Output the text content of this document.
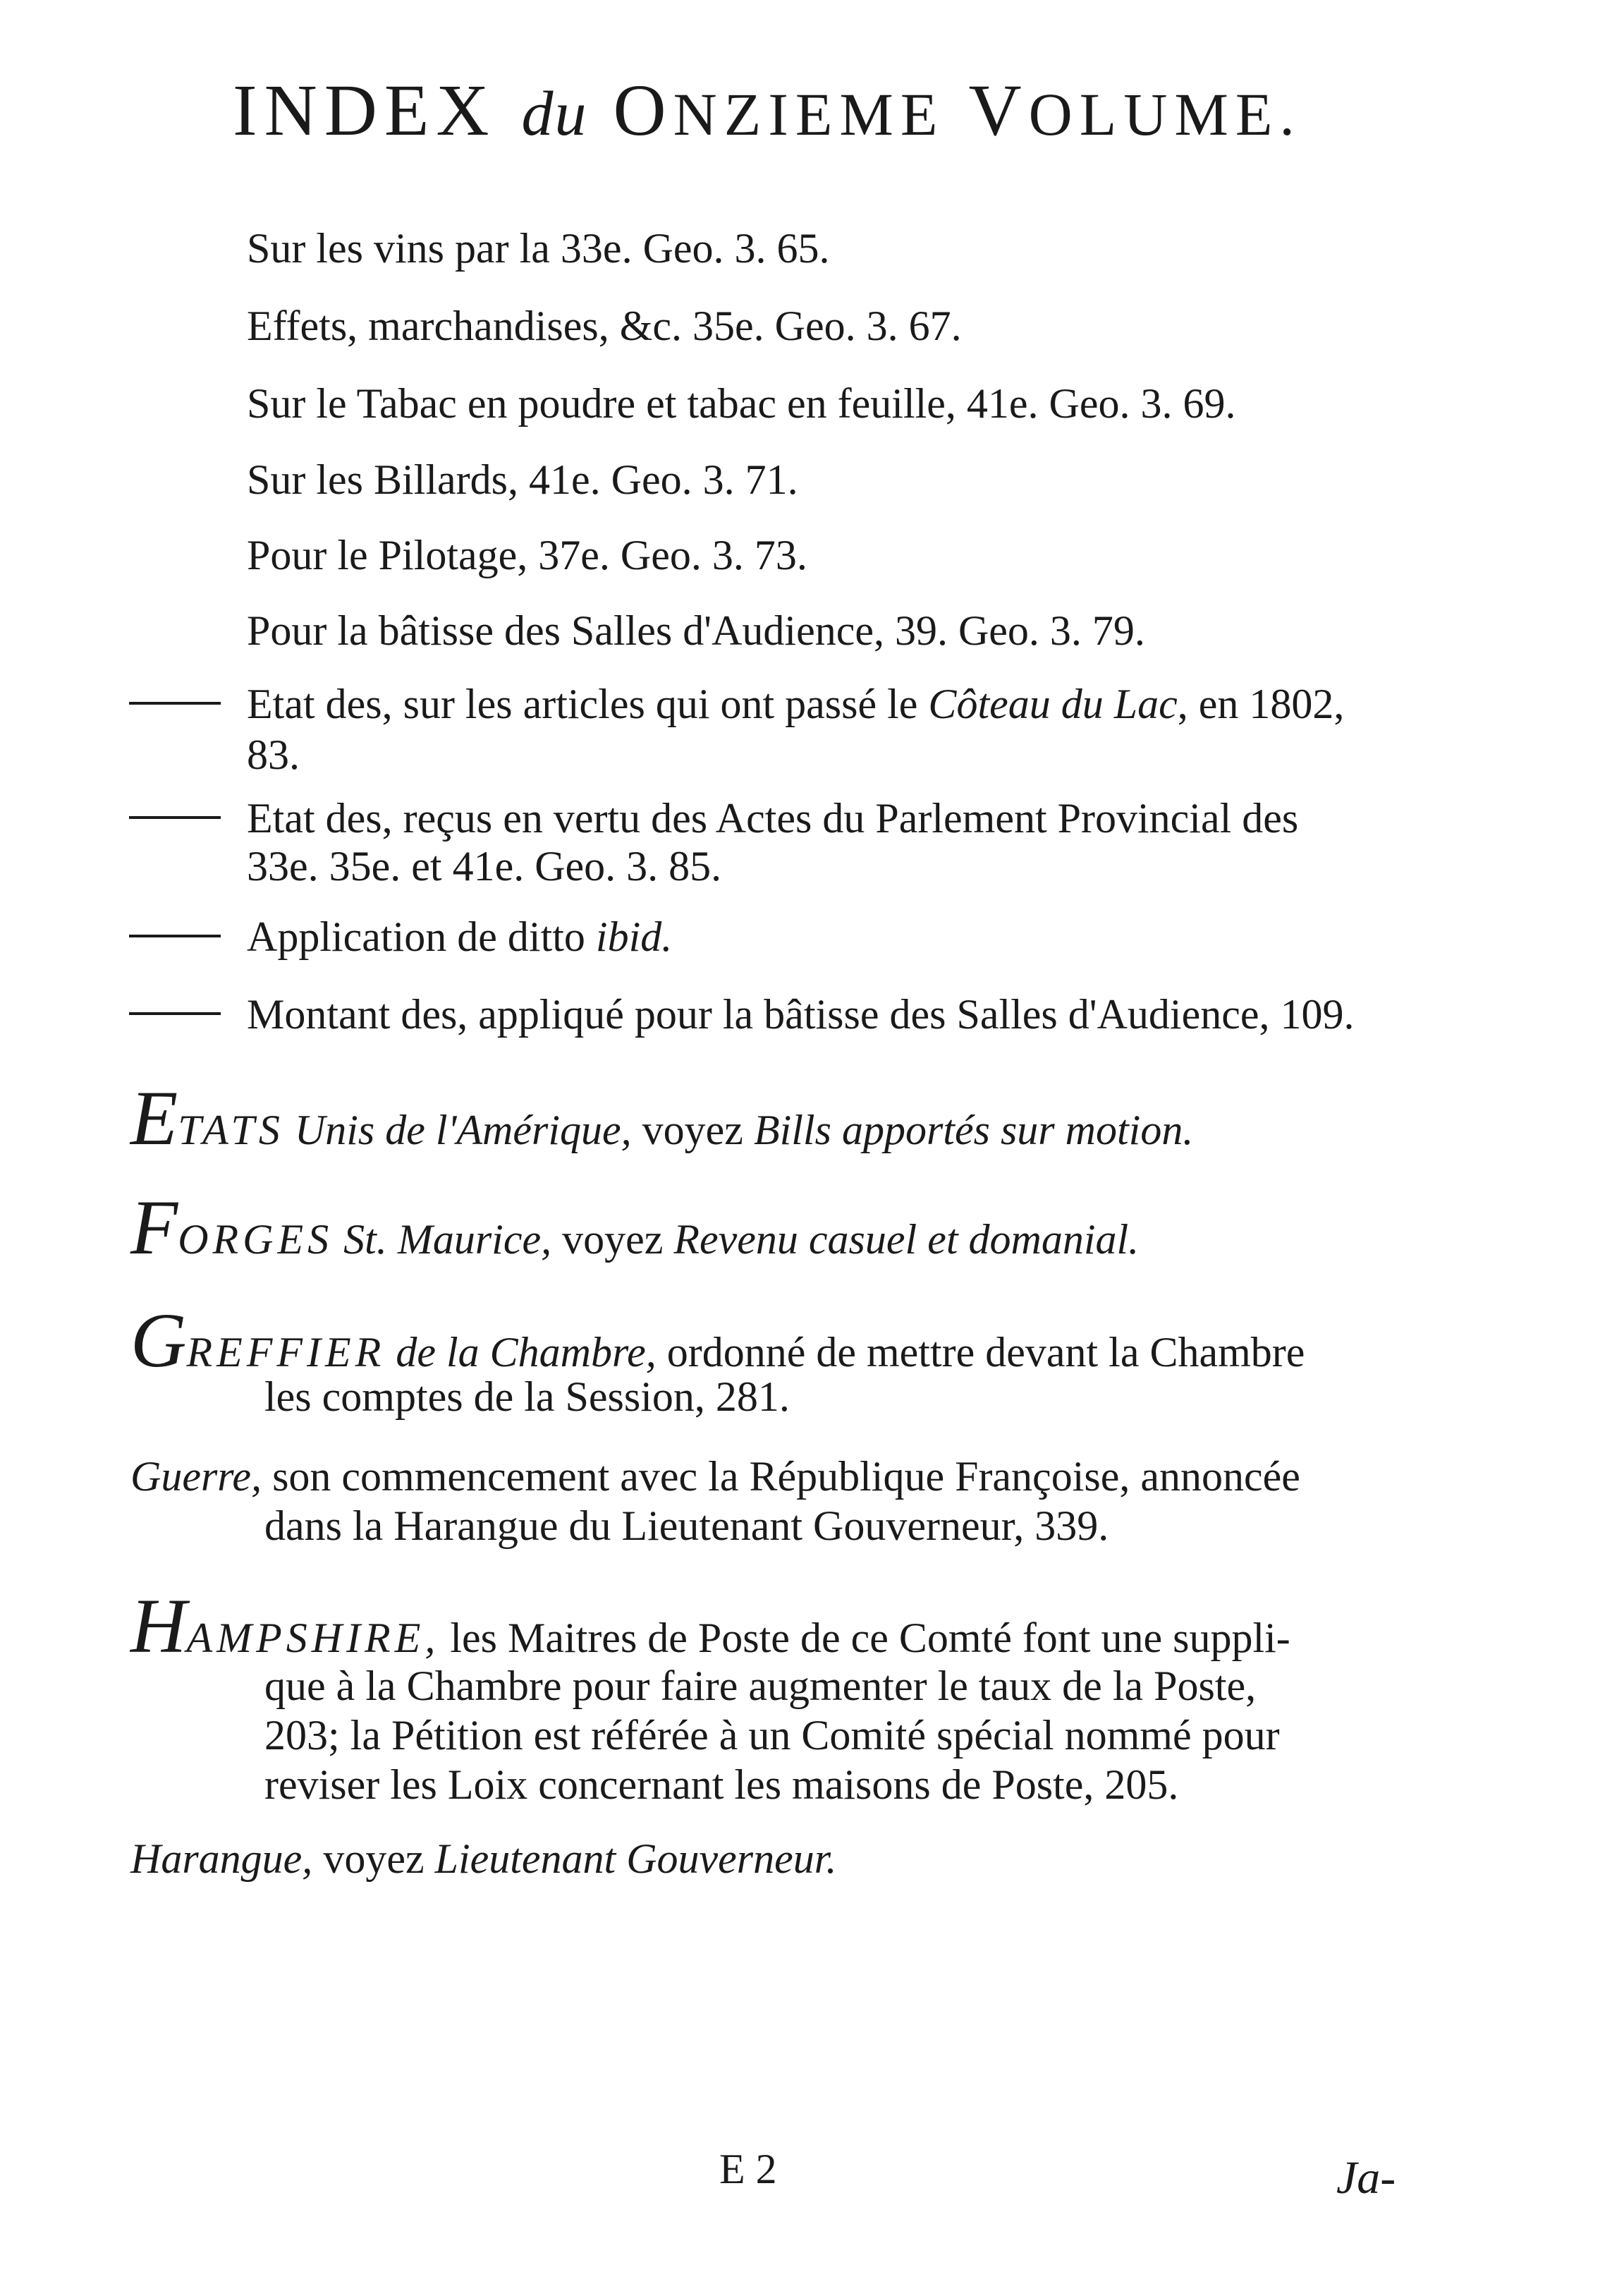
INDEX du ONZIEME VOLUME.
Sur les vins par la 33e. Geo. 3. 65.
Effets, marchandises, &c. 35e. Geo. 3. 67.
Sur le Tabac en poudre et tabac en feuille, 41e. Geo. 3. 69.
Sur les Billards, 41e. Geo. 3. 71.
Pour le Pilotage, 37e. Geo. 3. 73.
Pour la bâtisse des Salles d'Audience, 39. Geo. 3. 79.
Etat des, sur les articles qui ont passé le Côteau du Lac, en 1802,
83.
Etat des, reçus en vertu des Actes du Parlement Provincial des
33e. 35e. et 41e. Geo. 3. 85.
Application de ditto ibid.
Montant des, appliqué pour la bâtisse des Salles d'Audience, 109.
ETATS Unis de l'Amérique, voyez Bills apportés sur motion.
FORGES St. Maurice, voyez Revenu casuel et domanial.
GREFFIER de la Chambre, ordonné de mettre devant la Chambre
les comptes de la Session, 281.
Guerre, son commencement avec la République Françoise, annoncée
dans la Harangue du Lieutenant Gouverneur, 339.
HAMPSHIRE, les Maitres de Poste de ce Comté font une suppli-
que à la Chambre pour faire augmenter le taux de la Poste,
203; la Pétition est référée à un Comité spécial nommé pour
reviser les Loix concernant les maisons de Poste, 205.
Harangue, voyez Lieutenant Gouverneur.
E 2	Ja-
